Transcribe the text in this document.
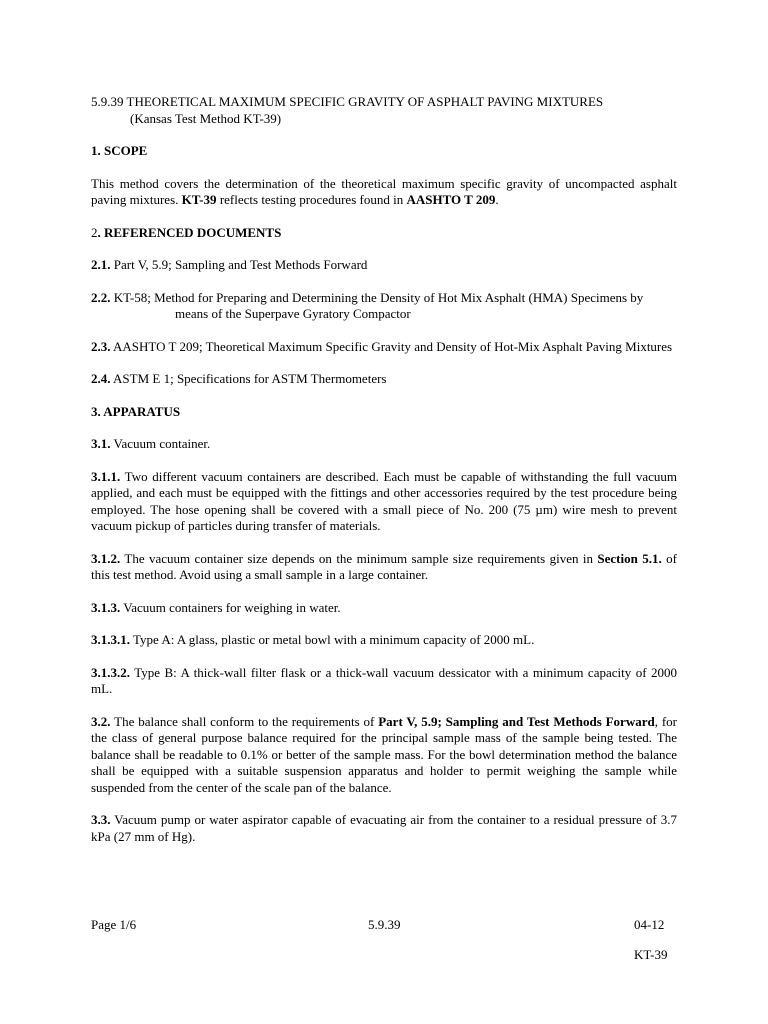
5.9.39 THEORETICAL MAXIMUM SPECIFIC GRAVITY OF ASPHALT PAVING MIXTURES
(Kansas Test Method KT-39)
1. SCOPE

This method covers the determination of the theoretical maximum specific gravity of uncompacted asphalt paving mixtures. KT-39 reflects testing procedures found in AASHTO T 209.

2. REFERENCED DOCUMENTS

2.1. Part V, 5.9; Sampling and Test Methods Forward

2.2. KT-58; Method for Preparing and Determining the Density of Hot Mix Asphalt (HMA) Specimens by means of the Superpave Gyratory Compactor

2.3. AASHTO T 209; Theoretical Maximum Specific Gravity and Density of Hot-Mix Asphalt Paving Mixtures

2.4. ASTM E 1; Specifications for ASTM Thermometers

3. APPARATUS

3.1. Vacuum container.

3.1.1. Two different vacuum containers are described. Each must be capable of withstanding the full vacuum applied, and each must be equipped with the fittings and other accessories required by the test procedure being employed. The hose opening shall be covered with a small piece of No. 200 (75 µm) wire mesh to prevent vacuum pickup of particles during transfer of materials.

3.1.2. The vacuum container size depends on the minimum sample size requirements given in Section 5.1. of this test method. Avoid using a small sample in a large container.

3.1.3. Vacuum containers for weighing in water.

3.1.3.1. Type A: A glass, plastic or metal bowl with a minimum capacity of 2000 mL.

3.1.3.2. Type B: A thick-wall filter flask or a thick-wall vacuum dessicator with a minimum capacity of 2000 mL.

3.2. The balance shall conform to the requirements of Part V, 5.9; Sampling and Test Methods Forward, for the class of general purpose balance required for the principal sample mass of the sample being tested. The balance shall be readable to 0.1% or better of the sample mass. For the bowl determination method the balance shall be equipped with a suitable suspension apparatus and holder to permit weighing the sample while suspended from the center of the scale pan of the balance.

3.3. Vacuum pump or water aspirator capable of evacuating air from the container to a residual pressure of 3.7 kPa (27 mm of Hg).

Page 1/6	5.9.39	04-12
KT-39
